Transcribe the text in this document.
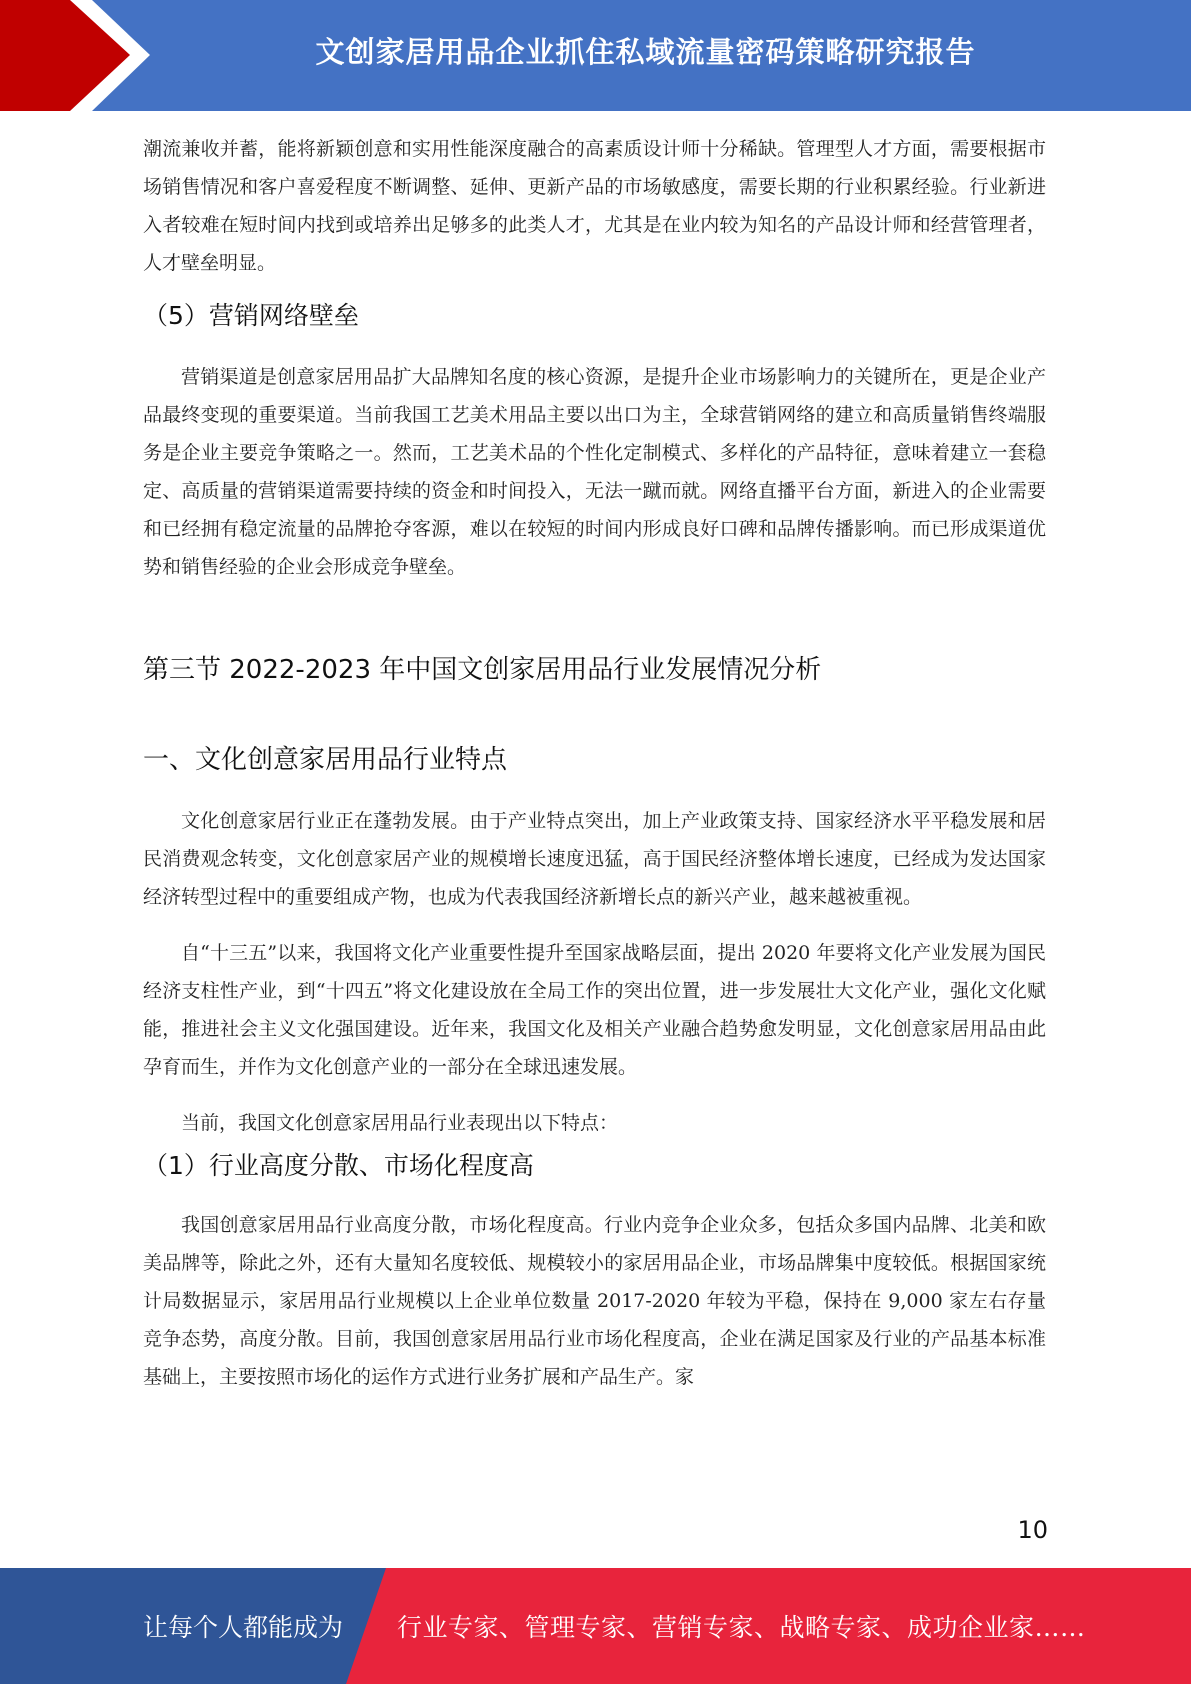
文创家居用品企业抓住私域流量密码策略研究报告

潮流兼收并蓄，能将新颖创意和实用性能深度融合的高素质设计师十分稀缺。管理型人才方面，需要根据市场销售情况和客户喜爱程度不断调整、延伸、更新产品的市场敏感度，需要长期的行业积累经验。行业新进入者较难在短时间内找到或培养出足够多的此类人才，尤其是在业内较为知名的产品设计师和经营管理者，人才壁垒明显。

（5）营销网络壁垒

营销渠道是创意家居用品扩大品牌知名度的核心资源，是提升企业市场影响力的关键所在，更是企业产品最终变现的重要渠道。当前我国工艺美术用品主要以出口为主，全球营销网络的建立和高质量销售终端服务是企业主要竞争策略之一。然而，工艺美术品的个性化定制模式、多样化的产品特征，意味着建立一套稳定、高质量的营销渠道需要持续的资金和时间投入，无法一蹴而就。网络直播平台方面，新进入的企业需要和已经拥有稳定流量的品牌抢夺客源，难以在较短的时间内形成良好口碑和品牌传播影响。而已形成渠道优势和销售经验的企业会形成竞争壁垒。

第三节 2022-2023 年中国文创家居用品行业发展情况分析
一、文化创意家居用品行业特点

文化创意家居行业正在蓬勃发展。由于产业特点突出，加上产业政策支持、国家经济水平平稳发展和居民消费观念转变，文化创意家居产业的规模增长速度迅猛，高于国民经济整体增长速度，已经成为发达国家经济转型过程中的重要组成产物，也成为代表我国经济新增长点的新兴产业，越来越被重视。

自“十三五”以来，我国将文化产业重要性提升至国家战略层面，提出 2020 年要将文化产业发展为国民经济支柱性产业，到“十四五”将文化建设放在全局工作的突出位置，进一步发展壮大文化产业，强化文化赋能，推进社会主义文化强国建设。近年来，我国文化及相关产业融合趋势愈发明显，文化创意家居用品由此孕育而生，并作为文化创意产业的一部分在全球迅速发展。

当前，我国文化创意家居用品行业表现出以下特点：

（1）行业高度分散、市场化程度高

我国创意家居用品行业高度分散，市场化程度高。行业内竞争企业众多，包括众多国内品牌、北美和欧美品牌等，除此之外，还有大量知名度较低、规模较小的家居用品企业，市场品牌集中度较低。根据国家统计局数据显示，家居用品行业规模以上企业单位数量 2017-2020 年较为平稳，保持在 9,000 家左右存量竞争态势，高度分散。目前，我国创意家居用品行业市场化程度高，企业在满足国家及行业的产品基本标准基础上，主要按照市场化的运作方式进行业务扩展和产品生产。家

10
让每个人都能成为 行业专家、管理专家、营销专家、战略专家、成功企业家……
